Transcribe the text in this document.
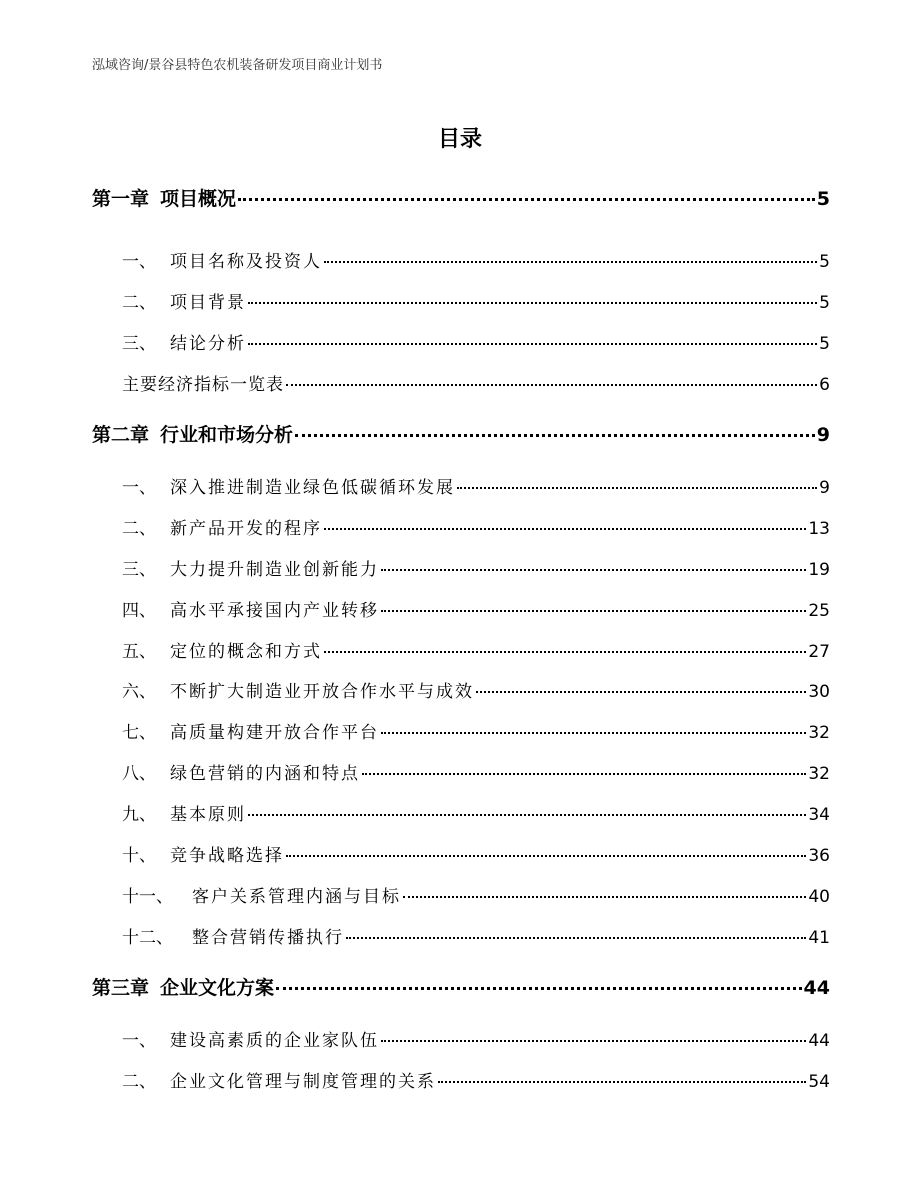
泓域咨询/景谷县特色农机装备研发项目商业计划书
目录
第一章 项目概况	5
一、 项目名称及投资人	5
二、 项目背景	5
三、 结论分析	5
主要经济指标一览表	6
第二章 行业和市场分析	9
一、 深入推进制造业绿色低碳循环发展	9
二、 新产品开发的程序	13
三、 大力提升制造业创新能力	19
四、 高水平承接国内产业转移	25
五、 定位的概念和方式	27
六、 不断扩大制造业开放合作水平与成效	30
七、 高质量构建开放合作平台	32
八、 绿色营销的内涵和特点	32
九、 基本原则	34
十、 竞争战略选择	36
十一、	客户关系管理内涵与目标	40
十二、	整合营销传播执行	41
第三章 企业文化方案	44
一、 建设高素质的企业家队伍	44
二、 企业文化管理与制度管理的关系	54
